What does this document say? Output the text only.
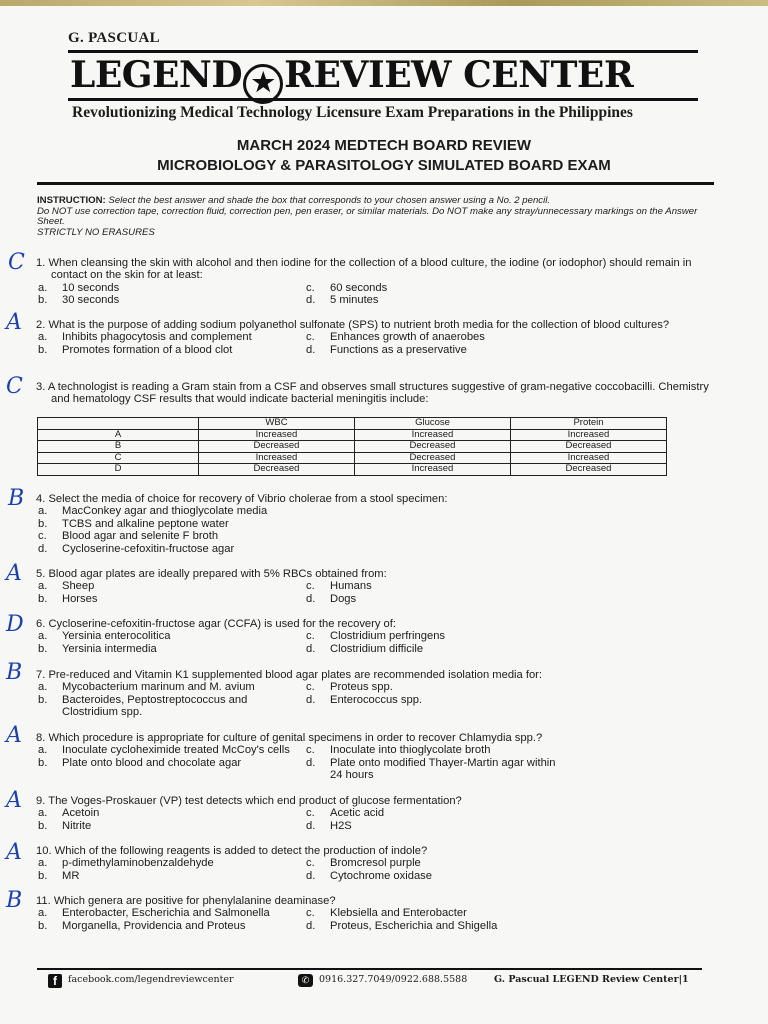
G. PASCUAL
LEGEND ★ REVIEW CENTER
Revolutionizing Medical Technology Licensure Exam Preparations in the Philippines
MARCH 2024 MEDTECH BOARD REVIEW
MICROBIOLOGY & PARASITOLOGY SIMULATED BOARD EXAM
INSTRUCTION: Select the best answer and shade the box that corresponds to your chosen answer using a No. 2 pencil.
Do NOT use correction tape, correction fluid, correction pen, pen eraser, or similar materials. Do NOT make any stray/unnecessary markings on the Answer Sheet.
STRICTLY NO ERASURES
C 1. When cleansing the skin with alcohol and then iodine for the collection of a blood culture, the iodine (or iodophor) should remain in contact on the skin for at least:
a.	10 seconds	c.	60 seconds
b.	30 seconds	d.	5 minutes
A 2. What is the purpose of adding sodium polyanethol sulfonate (SPS) to nutrient broth media for the collection of blood cultures?
a.	Inhibits phagocytosis and complement	c.	Enhances growth of anaerobes
b.	Promotes formation of a blood clot	d.	Functions as a preservative
C 3. A technologist is reading a Gram stain from a CSF and observes small structures suggestive of gram-negative coccobacilli. Chemistry and hematology CSF results that would indicate bacterial meningitis include:
	WBC	Glucose	Protein
A	Increased	Increased	Increased
B	Decreased	Decreased	Decreased
C	Increased	Decreased	Increased
D	Decreased	Increased	Decreased
B 4. Select the media of choice for recovery of Vibrio cholerae from a stool specimen:
a.	MacConkey agar and thioglycolate media
b.	TCBS and alkaline peptone water
c.	Blood agar and selenite F broth
d.	Cycloserine-cefoxitin-fructose agar
A 5. Blood agar plates are ideally prepared with 5% RBCs obtained from:
a.	Sheep	c.	Humans
b.	Horses	d.	Dogs
D 6. Cycloserine-cefoxitin-fructose agar (CCFA) is used for the recovery of:
a.	Yersinia enterocolitica	c.	Clostridium perfringens
b.	Yersinia intermedia	d.	Clostridium difficile
B 7. Pre-reduced and Vitamin K1 supplemented blood agar plates are recommended isolation media for:
a.	Mycobacterium marinum and M. avium	c.	Proteus spp.
b.	Bacteroides, Peptostreptococcus and Clostridium spp.
d.	Enterococcus spp.
A 8. Which procedure is appropriate for culture of genital specimens in order to recover Chlamydia spp.?
a.	Inoculate cycloheximide treated McCoy's cells	c.	Inoculate into thioglycolate broth
b.	Plate onto blood and chocolate agar	d.	Plate onto modified Thayer-Martin agar within 24 hours
A 9. The Voges-Proskauer (VP) test detects which end product of glucose fermentation?
a.	Acetoin	c.	Acetic acid
b.	Nitrite	d.	H2S
A 10. Which of the following reagents is added to detect the production of indole?
a.	p-dimethylaminobenzaldehyde	c.	Bromcresol purple
b.	MR	d.	Cytochrome oxidase
B 11. Which genera are positive for phenylalanine deaminase?
a.	Enterobacter, Escherichia and Salmonella	c.	Klebsiella and Enterobacter
b.	Morganella, Providencia and Proteus	d.	Proteus, Escherichia and Shigella
f	facebook.com/legendreviewcenter	✆	0916.327.7049/0922.688.5588	G. Pascual LEGEND Review Center|1
